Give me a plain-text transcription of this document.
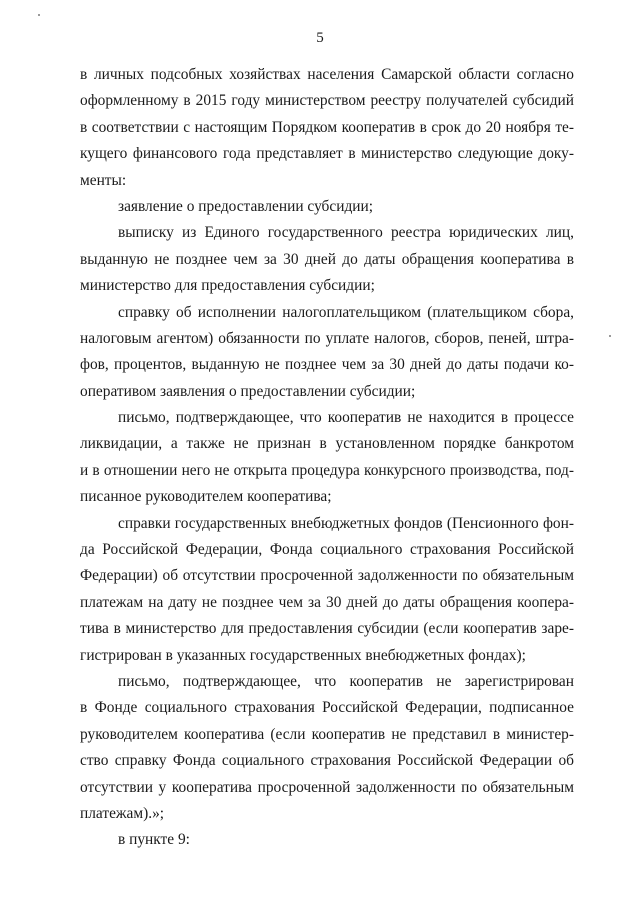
5
в личных подсобных хозяйствах населения Самарской области согласно
оформленному в 2015 году министерством реестру получателей субсидий
в соответствии с настоящим Порядком кооператив в срок до 20 ноября те-
кущего финансового года представляет в министерство следующие доку-
менты:
заявление о предоставлении субсидии;
выписку из Единого государственного реестра юридических лиц,
выданную не позднее чем за 30 дней до даты обращения кооператива в
министерство для предоставления субсидии;
справку об исполнении налогоплательщиком (плательщиком сбора,
налоговым агентом) обязанности по уплате налогов, сборов, пеней, штра-
фов, процентов, выданную не позднее чем за 30 дней до даты подачи ко-
оперативом заявления о предоставлении субсидии;
письмо, подтверждающее, что кооператив не находится в процессе
ликвидации, а также не признан в установленном порядке банкротом
и в отношении него не открыта процедура конкурсного производства, под-
писанное руководителем кооператива;
справки государственных внебюджетных фондов (Пенсионного фон-
да Российской Федерации, Фонда социального страхования Российской
Федерации) об отсутствии просроченной задолженности по обязательным
платежам на дату не позднее чем за 30 дней до даты обращения коопера-
тива в министерство для предоставления субсидии (если кооператив заре-
гистрирован в указанных государственных внебюджетных фондах);
письмо, подтверждающее, что кооператив не зарегистрирован
в Фонде социального страхования Российской Федерации, подписанное
руководителем кооператива (если кооператив не представил в министер-
ство справку Фонда социального страхования Российской Федерации об
отсутствии у кооператива просроченной задолженности по обязательным
платежам).»;
в пункте 9:
